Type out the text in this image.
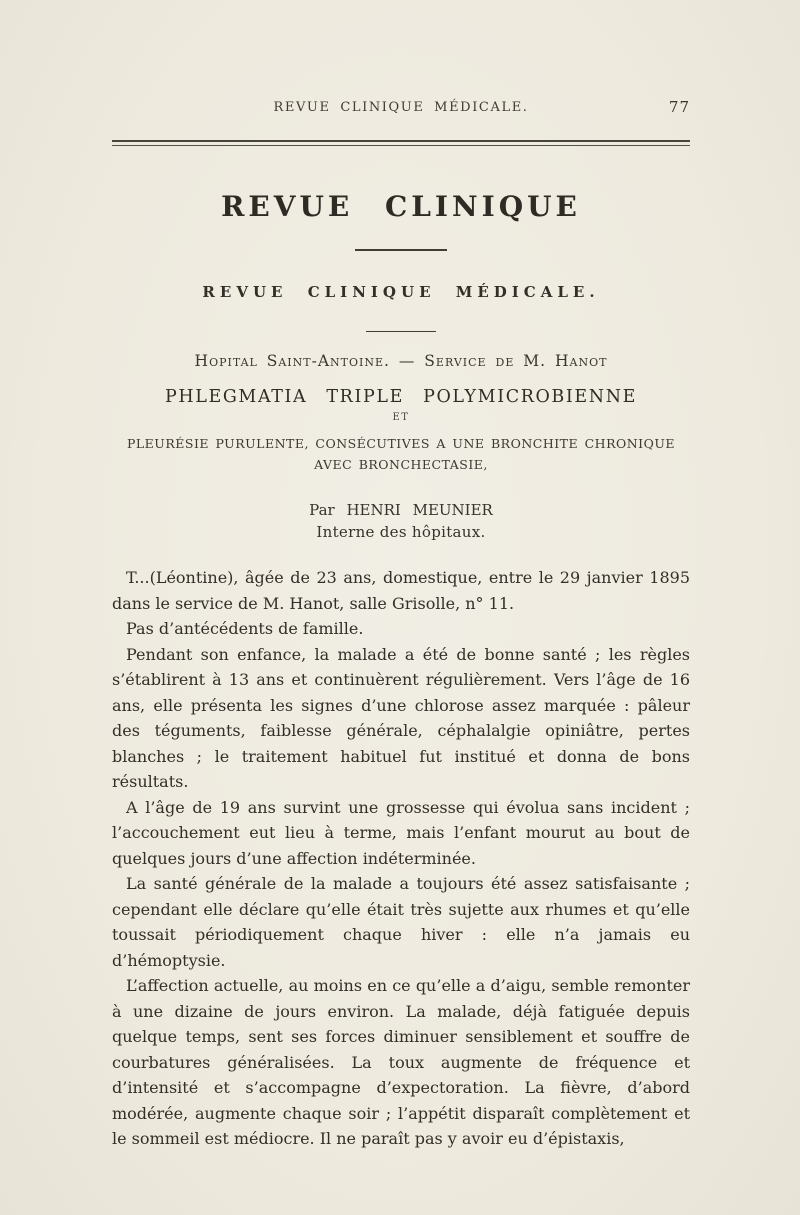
REVUE CLINIQUE MÉDICALE.	77
REVUE CLINIQUE
REVUE CLINIQUE MÉDICALE.
Hopital Saint-Antoine. — Service de M. Hanot
PHLEGMATIA TRIPLE POLYMICROBIENNE
ET
PLEURÉSIE PURULENTE, CONSÉCUTIVES A UNE BRONCHITE CHRONIQUE AVEC BRONCHECTASIE,
Par HENRI MEUNIER
Interne des hôpitaux.

T...(Léontine), âgée de 23 ans, domestique, entre le 29 janvier 1895 dans le service de M. Hanot, salle Grisolle, n° 11.

Pas d’antécédents de famille.

Pendant son enfance, la malade a été de bonne santé ; les règles s’établirent à 13 ans et continuèrent régulièrement. Vers l’âge de 16 ans, elle présenta les signes d’une chlorose assez marquée : pâleur des téguments, faiblesse générale, céphalalgie opiniâtre, pertes blanches ; le traitement habituel fut institué et donna de bons résultats.

A l’âge de 19 ans survint une grossesse qui évolua sans incident ; l’accouchement eut lieu à terme, mais l’enfant mourut au bout de quelques jours d’une affection indéterminée.

La santé générale de la malade a toujours été assez satisfaisante ; cependant elle déclare qu’elle était très sujette aux rhumes et qu’elle toussait périodiquement chaque hiver : elle n’a jamais eu d’hémoptysie.

L’affection actuelle, au moins en ce qu’elle a d’aigu, semble remonter à une dizaine de jours environ. La malade, déjà fatiguée depuis quelque temps, sent ses forces diminuer sensiblement et souffre de courbatures généralisées. La toux augmente de fréquence et d’intensité et s’accompagne d’expectoration. La fièvre, d’abord modérée, augmente chaque soir ; l’appétit disparaît complètement et le sommeil est médiocre. Il ne paraît pas y avoir eu d’épistaxis,
